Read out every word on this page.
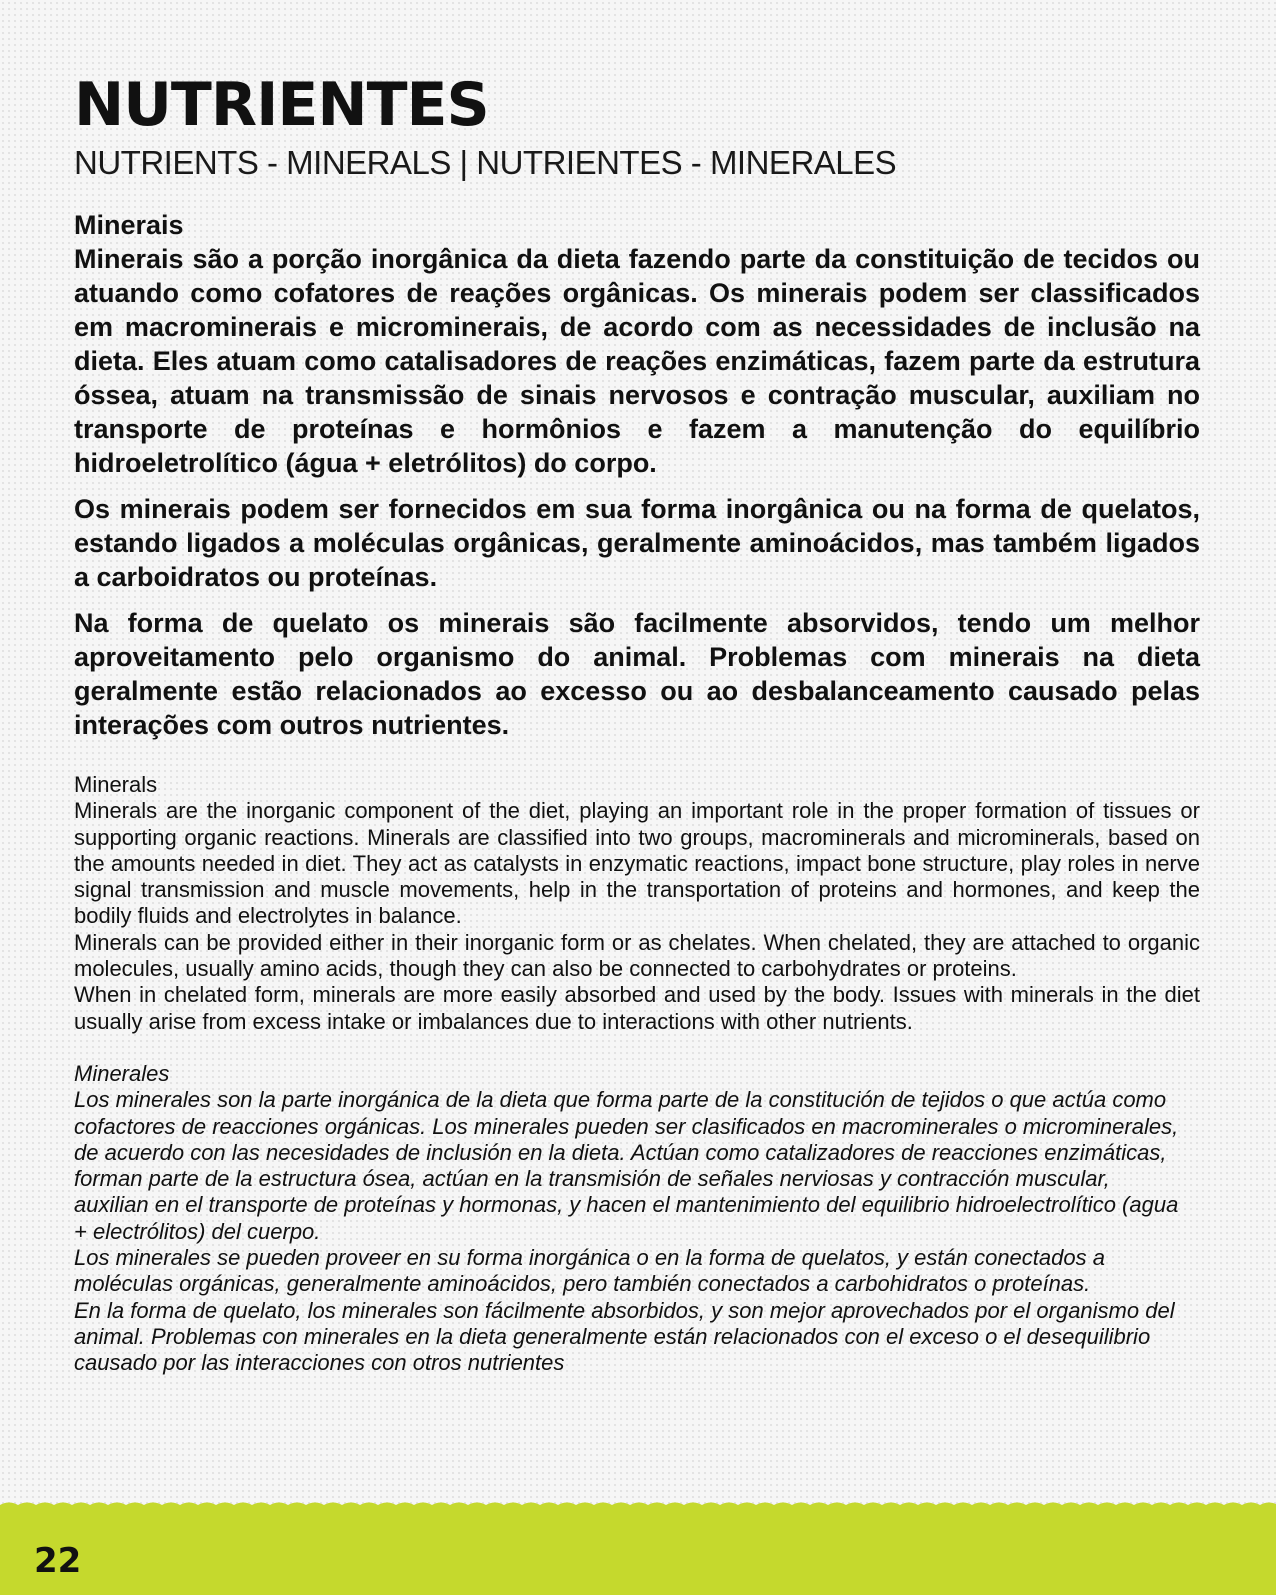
NUTRIENTES
NUTRIENTS - MINERALS | NUTRIENTES - MINERALES
Minerais

Minerais são a porção inorgânica da dieta fazendo parte da constituição de tecidos ou atuando como cofatores de reações orgânicas. Os minerais podem ser classificados em macrominerais e microminerais, de acordo com as necessidades de inclusão na dieta. Eles atuam como catalisadores de reações enzimáticas, fazem parte da estrutura óssea, atuam na transmissão de sinais nervosos e contração muscular, auxiliam no transporte de proteínas e hormônios e fazem a manutenção do equilíbrio hidroeletrolítico (água + eletrólitos) do corpo.

Os minerais podem ser fornecidos em sua forma inorgânica ou na forma de quelatos, estando ligados a moléculas orgânicas, geralmente aminoácidos, mas também ligados a carboidratos ou proteínas.

Na forma de quelato os minerais são facilmente absorvidos, tendo um melhor aproveitamento pelo organismo do animal. Problemas com minerais na dieta geralmente estão relacionados ao excesso ou ao desbalanceamento causado pelas interações com outros nutrientes.

Minerals

Minerals are the inorganic component of the diet, playing an important role in the proper formation of tissues or supporting organic reactions. Minerals are classified into two groups, macrominerals and microminerals, based on the amounts needed in diet. They act as catalysts in enzymatic reactions, impact bone structure, play roles in nerve signal transmission and muscle movements, help in the transportation of proteins and hormones, and keep the bodily fluids and electrolytes in balance.

Minerals can be provided either in their inorganic form or as chelates. When chelated, they are attached to organic molecules, usually amino acids, though they can also be connected to carbohydrates or proteins.

When in chelated form, minerals are more easily absorbed and used by the body. Issues with minerals in the diet usually arise from excess intake or imbalances due to interactions with other nutrients.

Minerales

Los minerales son la parte inorgánica de la dieta que forma parte de la constitución de tejidos o que actúa como cofactores de reacciones orgánicas. Los minerales pueden ser clasificados en macrominerales o microminerales, de acuerdo con las necesidades de inclusión en la dieta. Actúan como catalizadores de reacciones enzimáticas, forman parte de la estructura ósea, actúan en la transmisión de señales nerviosas y contracción muscular, auxilian en el transporte de proteínas y hormonas, y hacen el mantenimiento del equilibrio hidroelectrolítico (agua + electrólitos) del cuerpo.

Los minerales se pueden proveer en su forma inorgánica o en la forma de quelatos, y están conectados a moléculas orgánicas, generalmente aminoácidos, pero también conectados a carbohidratos o proteínas.

En la forma de quelato, los minerales son fácilmente absorbidos, y son mejor aprovechados por el organismo del animal. Problemas con minerales en la dieta generalmente están relacionados con el exceso o el desequilibrio causado por las interacciones con otros nutrientes

22
